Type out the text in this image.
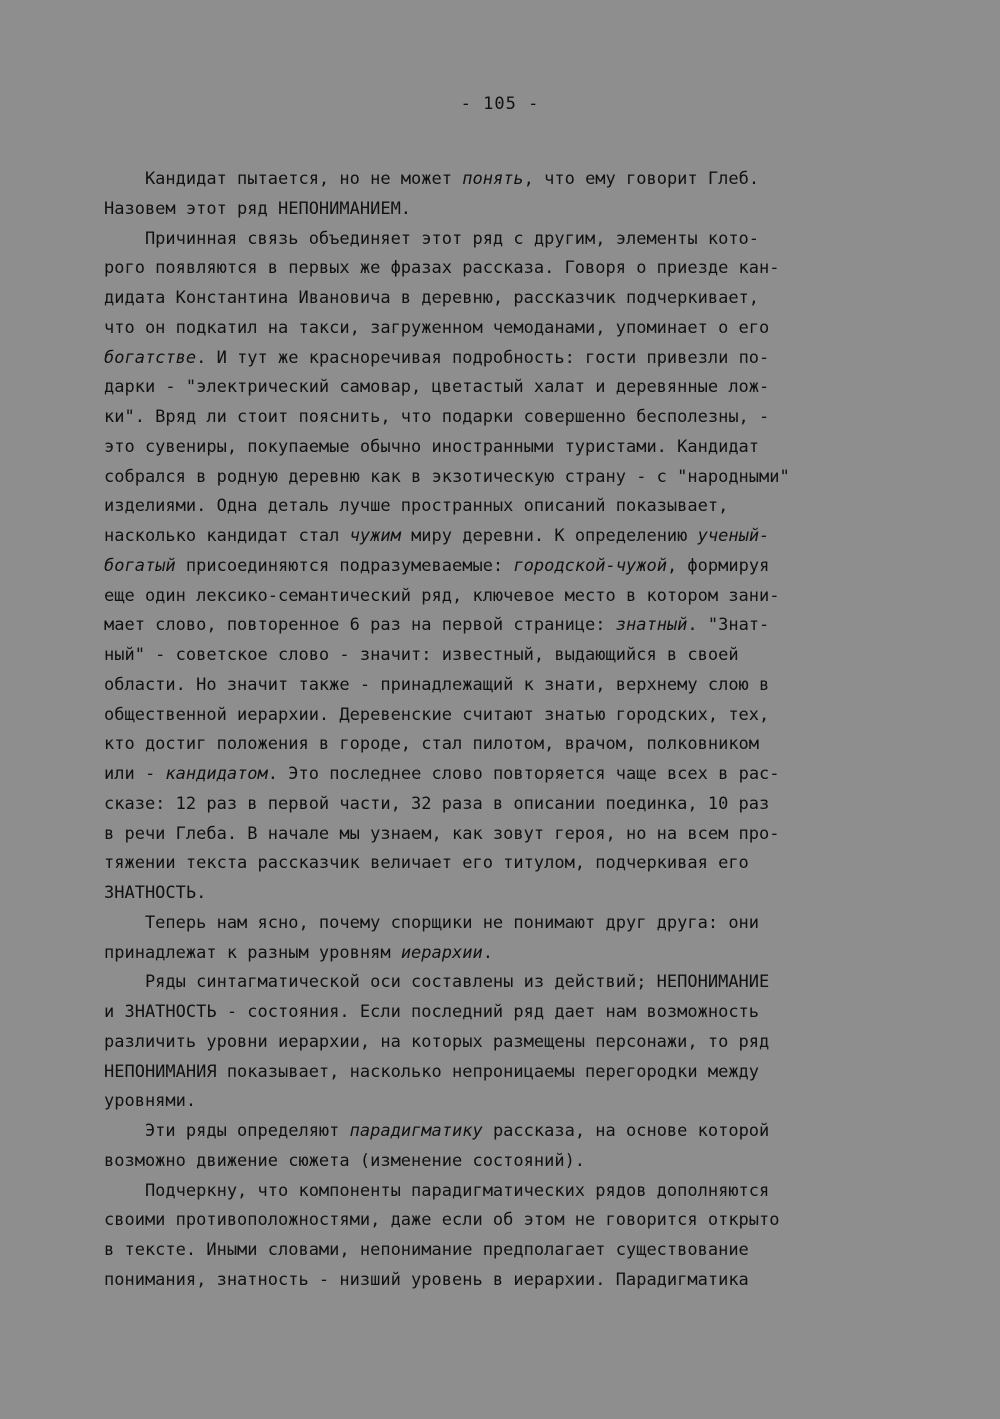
- 105 -
Кандидат пытается, но не может понять, что ему говорит Глеб.
Назовем этот ряд НЕПОНИМАНИЕМ.
Причинная связь объединяет этот ряд с другим, элементы кото-
рого появляются в первых же фразах рассказа. Говоря о приезде кан-
дидата Константина Ивановича в деревню, рассказчик подчеркивает,
что он подкатил на такси, загруженном чемоданами, упоминает о его
богатстве. И тут же красноречивая подробность: гости привезли по-
дарки - "электрический самовар, цветастый халат и деревянные лож-
ки". Вряд ли стоит пояснить, что подарки совершенно бесполезны, -
это сувениры, покупаемые обычно иностранными туристами. Кандидат
собрался в родную деревню как в экзотическую страну - с "народными"
изделиями. Одна деталь лучше пространных описаний показывает,
насколько кандидат стал чужим миру деревни. К определению ученый-
богатый присоединяются подразумеваемые: городской-чужой, формируя
еще один лексико-семантический ряд, ключевое место в котором зани-
мает слово, повторенное 6 раз на первой странице: знатный. "Знат-
ный" - советское слово - значит: известный, выдающийся в своей
области. Но значит также - принадлежащий к знати, верхнему слою в
общественной иерархии. Деревенские считают знатью городских, тех,
кто достиг положения в городе, стал пилотом, врачом, полковником
или - кандидатом. Это последнее слово повторяется чаще всех в рас-
сказе: 12 раз в первой части, 32 раза в описании поединка, 10 раз
в речи Глеба. В начале мы узнаем, как зовут героя, но на всем про-
тяжении текста рассказчик величает его титулом, подчеркивая его
ЗНАТНОСТЬ.
Теперь нам ясно, почему спорщики не понимают друг друга: они
принадлежат к разным уровням иерархии.
Ряды синтагматической оси составлены из действий; НЕПОНИМАНИЕ
и ЗНАТНОСТЬ - состояния. Если последний ряд дает нам возможность
различить уровни иерархии, на которых размещены персонажи, то ряд
НЕПОНИМАНИЯ показывает, насколько непроницаемы перегородки между
уровнями.
Эти ряды определяют парадигматику рассказа, на основе которой
возможно движение сюжета (изменение состояний).
Подчеркну, что компоненты парадигматических рядов дополняются
своими противоположностями, даже если об этом не говорится открыто
в тексте. Иными словами, непонимание предполагает существование
понимания, знатность - низший уровень в иерархии. Парадигматика
